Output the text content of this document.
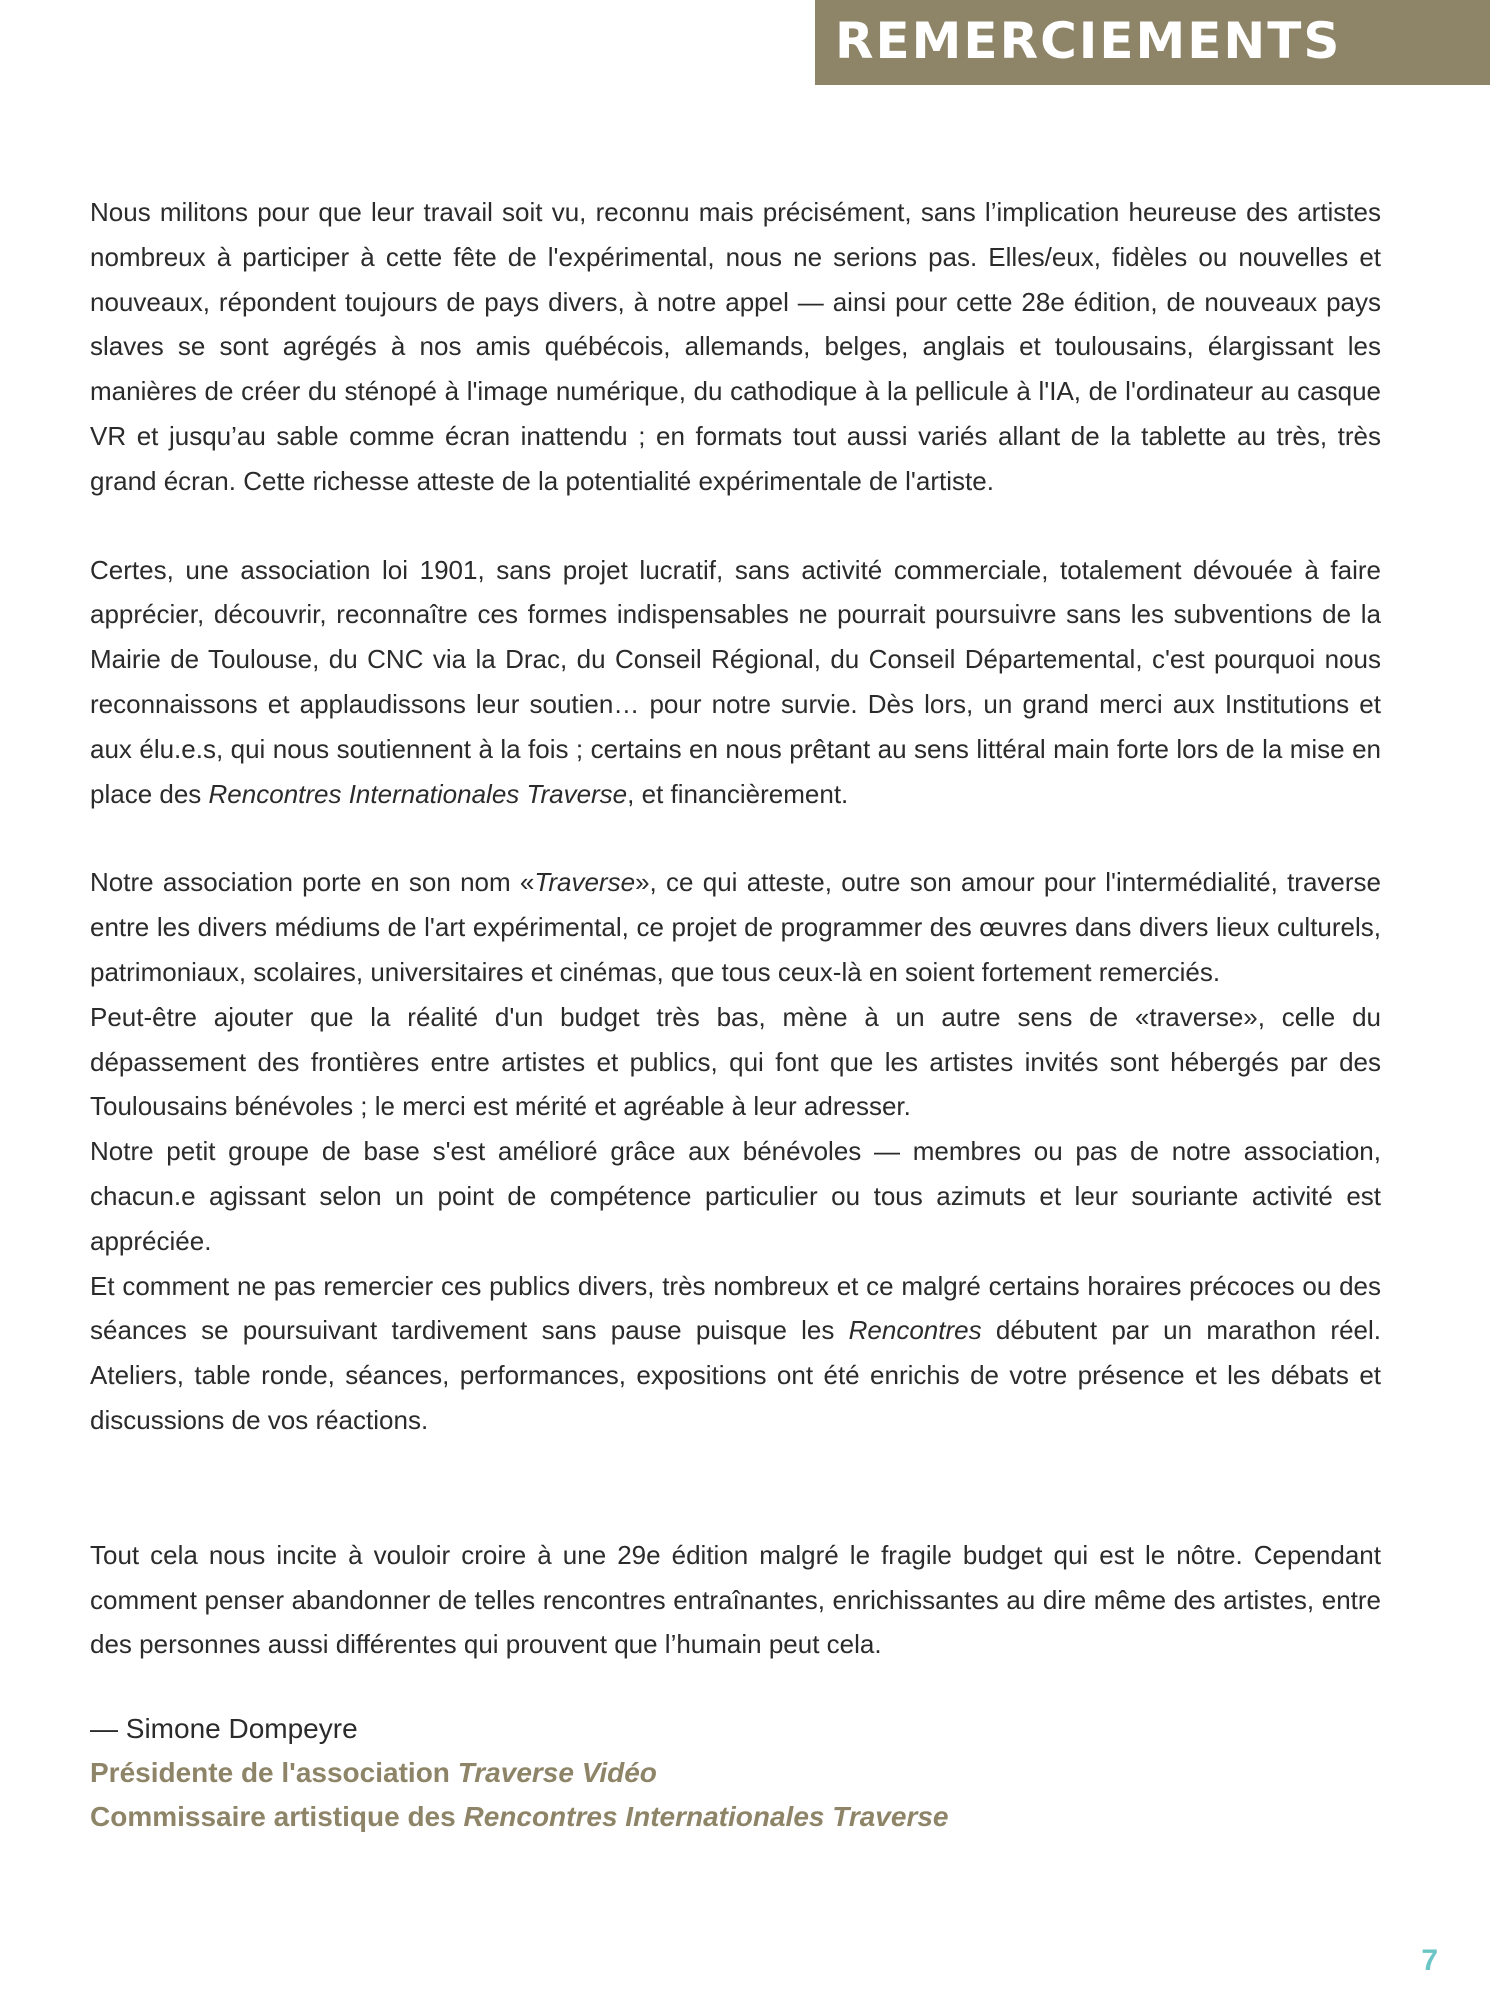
REMERCIEMENTS

Nous militons pour que leur travail soit vu, reconnu mais précisément, sans l’implication heureuse des artistes nombreux à participer à cette fête de l'expérimental, nous ne serions pas. Elles/eux, fidèles ou nouvelles et nouveaux, répondent toujours de pays divers, à notre appel — ainsi pour cette 28e édition, de nouveaux pays slaves se sont agrégés à nos amis québécois, allemands, belges, anglais et toulousains, élargissant les manières de créer du sténopé à l'image numérique, du cathodique à la pellicule à l'IA, de l'ordinateur au casque VR et jusqu’au sable comme écran inattendu ; en formats tout aussi variés allant de la tablette au très, très grand écran. Cette richesse atteste de la potentialité expérimentale de l'artiste.

Certes, une association loi 1901, sans projet lucratif, sans activité commerciale, totalement dévouée à faire apprécier, découvrir, reconnaître ces formes indispensables ne pourrait poursuivre sans les subventions de la Mairie de Toulouse, du CNC via la Drac, du Conseil Régional, du Conseil Départemental, c'est pourquoi nous reconnaissons et applaudissons leur soutien… pour notre survie. Dès lors, un grand merci aux Institutions et aux élu.e.s, qui nous soutiennent à la fois ; certains en nous prêtant au sens littéral main forte lors de la mise en place des Rencontres Internationales Traverse, et financièrement.

Notre association porte en son nom «Traverse», ce qui atteste, outre son amour pour l'intermédialité, traverse entre les divers médiums de l'art expérimental, ce projet de programmer des œuvres dans divers lieux culturels, patrimoniaux, scolaires, universitaires et cinémas, que tous ceux-là en soient fortement remerciés.

Peut-être ajouter que la réalité d'un budget très bas, mène à un autre sens de «traverse», celle du dépassement des frontières entre artistes et publics, qui font que les artistes invités sont hébergés par des Toulousains bénévoles ; le merci est mérité et agréable à leur adresser.

Notre petit groupe de base s'est amélioré grâce aux bénévoles — membres ou pas de notre association, chacun.e agissant selon un point de compétence particulier ou tous azimuts et leur souriante activité est appréciée.

Et comment ne pas remercier ces publics divers, très nombreux et ce malgré certains horaires précoces ou des séances se poursuivant tardivement sans pause puisque les Rencontres débutent par un marathon réel. Ateliers, table ronde, séances, performances, expositions ont été enrichis de votre présence et les débats et discussions de vos réactions.

Tout cela nous incite à vouloir croire à une 29e édition malgré le fragile budget qui est le nôtre. Cependant comment penser abandonner de telles rencontres entraînantes, enrichissantes au dire même des artistes, entre des personnes aussi différentes qui prouvent que l’humain peut cela.

— Simone Dompeyre
Présidente de l'association Traverse Vidéo
Commissaire artistique des Rencontres Internationales Traverse
7
